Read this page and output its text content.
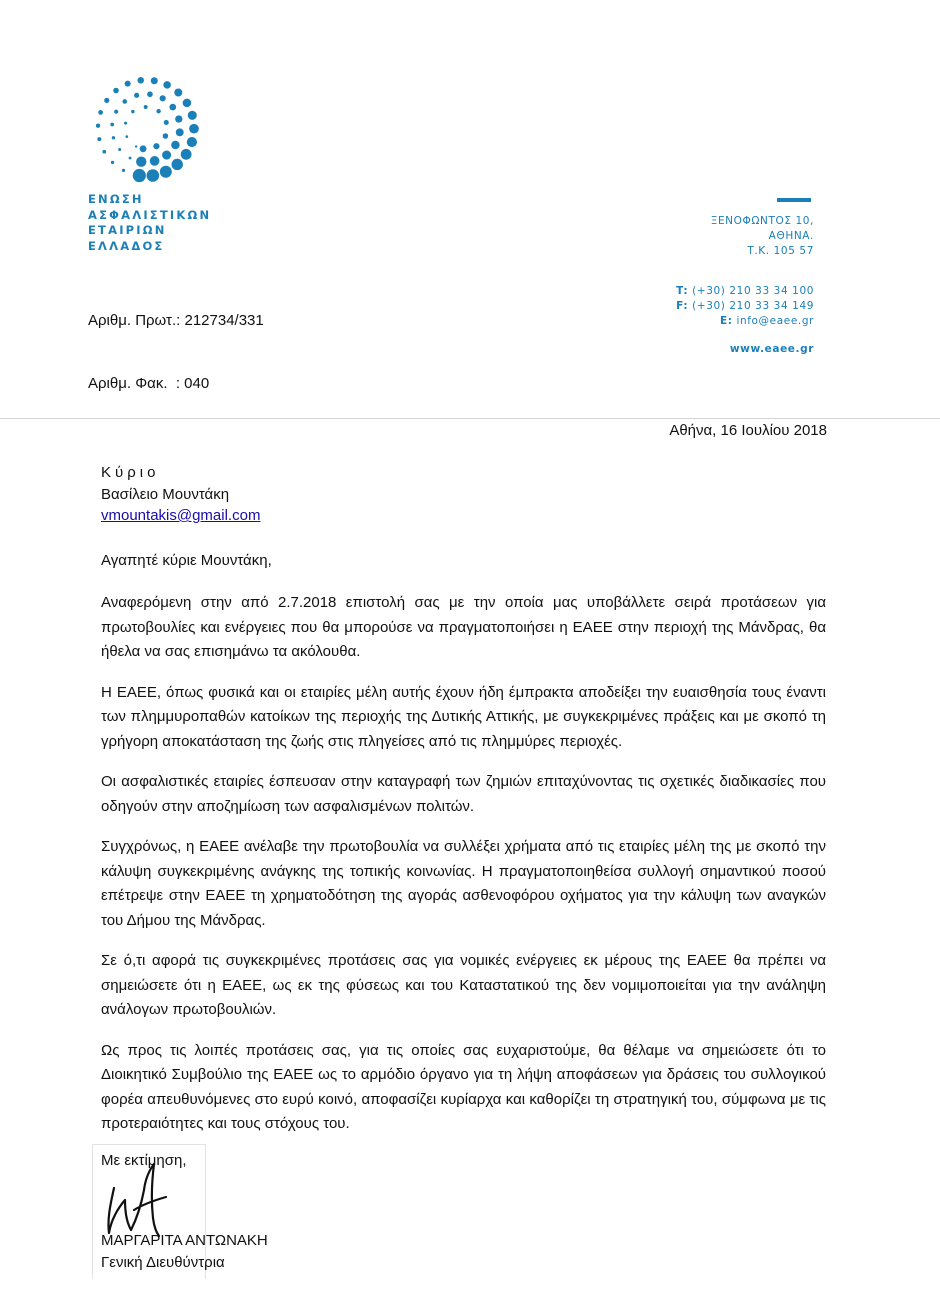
ΕΝΩΣΗ
ΑΣΦΑΛΙΣΤΙΚΩΝ
ΕΤΑΙΡΙΩΝ
ΕΛΛΑΔΟΣ

Αριθμ. Πρωτ.: 212734/331

Αριθμ. Φακ.  : 040

ΞΕΝΟΦΩΝΤΟΣ 10,
ΑΘΗΝΑ.
Τ.Κ. 105 57
T: (+30) 210 33 34 100
F: (+30) 210 33 34 149
E: info@eaee.gr
www.eaee.gr
Αθήνα, 16 Ιουλίου 2018
Κύριο
Βασίλειο Μουντάκη
vmountakis@gmail.com
Αγαπητέ κύριε Μουντάκη,

Αναφερόμενη στην από 2.7.2018 επιστολή σας με την οποία μας υποβάλλετε σειρά προτάσεων για πρωτοβουλίες και ενέργειες που θα μπορούσε να πραγματοποιήσει η ΕΑΕΕ στην περιοχή της Μάνδρας, θα ήθελα να σας επισημάνω τα ακόλουθα.

Η ΕΑΕΕ, όπως φυσικά και οι εταιρίες μέλη αυτής έχουν ήδη έμπρακτα αποδείξει την ευαισθησία τους έναντι των πλημμυροπαθών κατοίκων της περιοχής της Δυτικής Αττικής, με συγκεκριμένες πράξεις και με σκοπό τη γρήγορη αποκατάσταση της ζωής στις πληγείσες από τις πλημμύρες περιοχές.

Οι ασφαλιστικές εταιρίες έσπευσαν στην καταγραφή των ζημιών επιταχύνοντας τις σχετικές διαδικασίες που οδηγούν στην αποζημίωση των ασφαλισμένων πολιτών.

Συγχρόνως, η ΕΑΕΕ ανέλαβε την πρωτοβουλία να συλλέξει χρήματα από τις εταιρίες μέλη της με σκοπό την κάλυψη συγκεκριμένης ανάγκης της τοπικής κοινωνίας. Η πραγματοποιηθείσα συλλογή σημαντικού ποσού επέτρεψε στην ΕΑΕΕ τη χρηματοδότηση της αγοράς ασθενοφόρου οχήματος για την κάλυψη των αναγκών του Δήμου της Μάνδρας.

Σε ό,τι αφορά τις συγκεκριμένες προτάσεις σας για νομικές ενέργειες εκ μέρους της ΕΑΕΕ θα πρέπει να σημειώσετε ότι η ΕΑΕΕ, ως εκ της φύσεως και του Καταστατικού της δεν νομιμοποιείται για την ανάληψη ανάλογων πρωτοβουλιών.

Ως προς τις λοιπές προτάσεις σας, για τις οποίες σας ευχαριστούμε, θα θέλαμε να σημειώσετε ότι το Διοικητικό Συμβούλιο της ΕΑΕΕ ως το αρμόδιο όργανο για τη λήψη αποφάσεων για δράσεις του συλλογικού φορέα απευθυνόμενες στο ευρύ κοινό, αποφασίζει κυρίαρχα και καθορίζει τη στρατηγική του, σύμφωνα με τις προτεραιότητες και τους στόχους του.

Με εκτίμηση,
ΜΑΡΓΑΡΙΤΑ ΑΝΤΩΝΑΚΗ
Γενική Διευθύντρια
